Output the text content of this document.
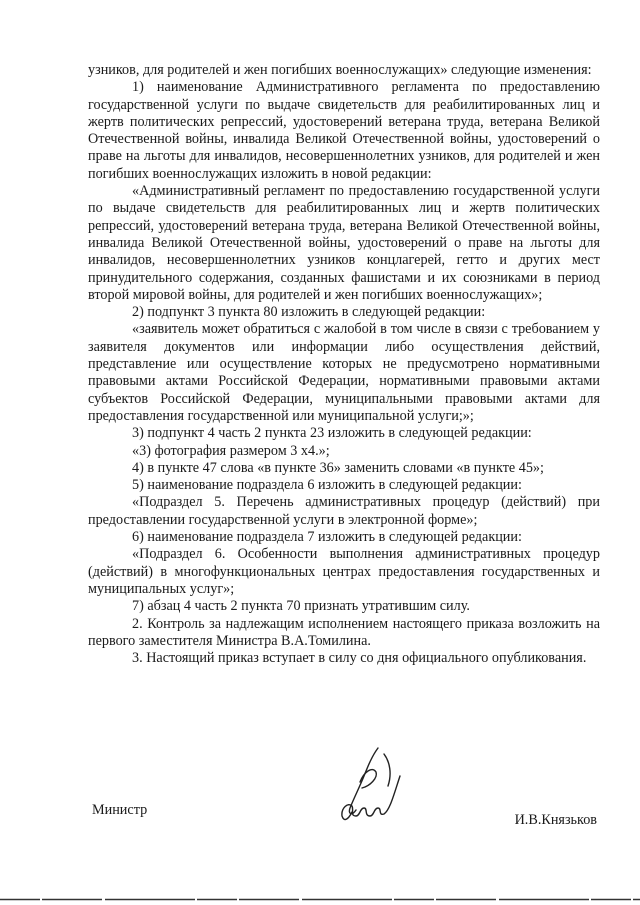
узников, для родителей и жен погибших военнослужащих» следующие изменения:

1) наименование Административного регламента по предоставлению государственной услуги по выдаче свидетельств для реабилитированных лиц и жертв политических репрессий, удостоверений ветерана труда, ветерана Великой Отечественной войны, инвалида Великой Отечественной войны, удостоверений о праве на льготы для инвалидов, несовершеннолетних узников, для родителей и жен погибших военнослужащих изложить в новой редакции:

«Административный регламент по предоставлению государственной услуги по выдаче свидетельств для реабилитированных лиц и жертв политических репрессий, удостоверений ветерана труда, ветерана Великой Отечественной войны, инвалида Великой Отечественной войны, удостоверений о праве на льготы для инвалидов, несовершеннолетних узников концлагерей, гетто и других мест принудительного содержания, созданных фашистами и их союзниками в период второй мировой войны, для родителей и жен погибших военнослужащих»;

2) подпункт 3 пункта 80 изложить в следующей редакции:

«заявитель может обратиться с жалобой в том числе в связи с требованием у заявителя документов или информации либо осуществления действий, представление или осуществление которых не предусмотрено нормативными правовыми актами Российской Федерации, нормативными правовыми актами субъектов Российской Федерации, муниципальными правовыми актами для предоставления государственной или муниципальной услуги;»;

3) подпункт 4 часть 2 пункта 23 изложить в следующей редакции:

«3) фотография размером 3 х4.»;

4) в пункте 47 слова «в пункте 36» заменить словами «в пункте 45»;

5) наименование подраздела 6 изложить в следующей редакции:

«Подраздел 5. Перечень административных процедур (действий) при предоставлении государственной услуги в электронной форме»;

6) наименование подраздела 7 изложить в следующей редакции:

«Подраздел 6. Особенности выполнения административных процедур (действий) в многофункциональных центрах предоставления государственных и муниципальных услуг»;

7) абзац 4 часть 2 пункта 70 признать утратившим силу.

2. Контроль за надлежащим исполнением настоящего приказа возложить на первого заместителя Министра В.А.Томилина.

3. Настоящий приказ вступает в силу со дня официального опубликования.

Министр
И.В.Князьков
